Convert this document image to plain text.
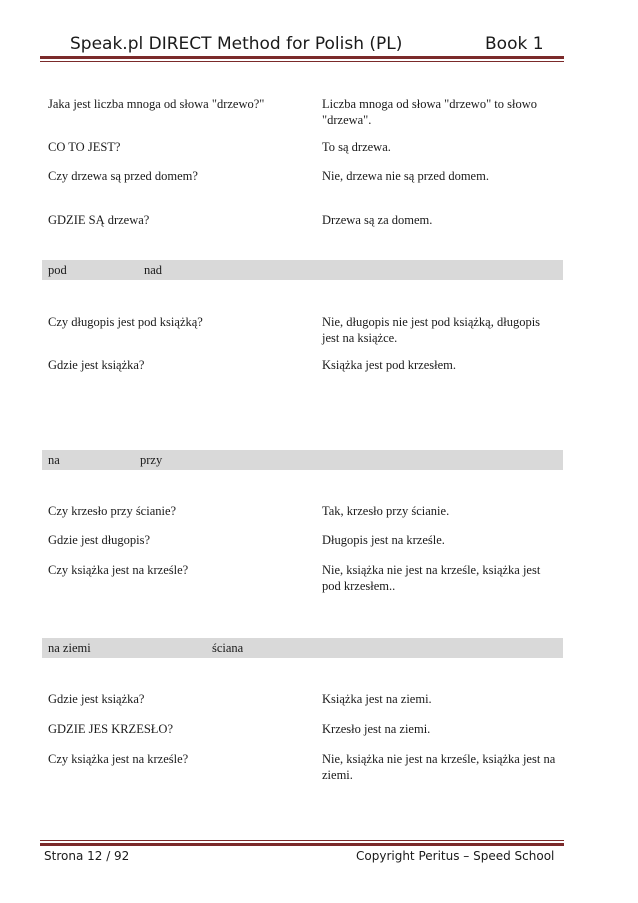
Speak.pl DIRECT Method for Polish (PL)	Book 1
Jaka jest liczba mnoga od słowa "drzewo?"	Liczba mnoga od słowa "drzewo" to słowo "drzewa".
CO TO JEST?	To są drzewa.
Czy drzewa są przed domem?	Nie, drzewa nie są przed domem.
GDZIE SĄ drzewa?	Drzewa są za domem.
pod	nad
Czy długopis jest pod książką?	Nie, długopis nie jest pod książką, długopis jest na książce.
Gdzie jest książka?	Książka jest pod krzesłem.
na	przy
Czy krzesło przy ścianie?	Tak, krzesło przy ścianie.
Gdzie jest długopis?	Długopis jest na krześle.
Czy książka jest na krześle?	Nie, książka nie jest na krześle, książka jest pod krzesłem..
na ziemi	ściana
Gdzie jest książka?	Książka jest na ziemi.
GDZIE JES KRZESŁO?	Krzesło jest na ziemi.
Czy książka jest na krześle?	Nie, książka nie jest na krześle, książka jest na ziemi.
Strona 12 / 92	Copyright Peritus – Speed School
